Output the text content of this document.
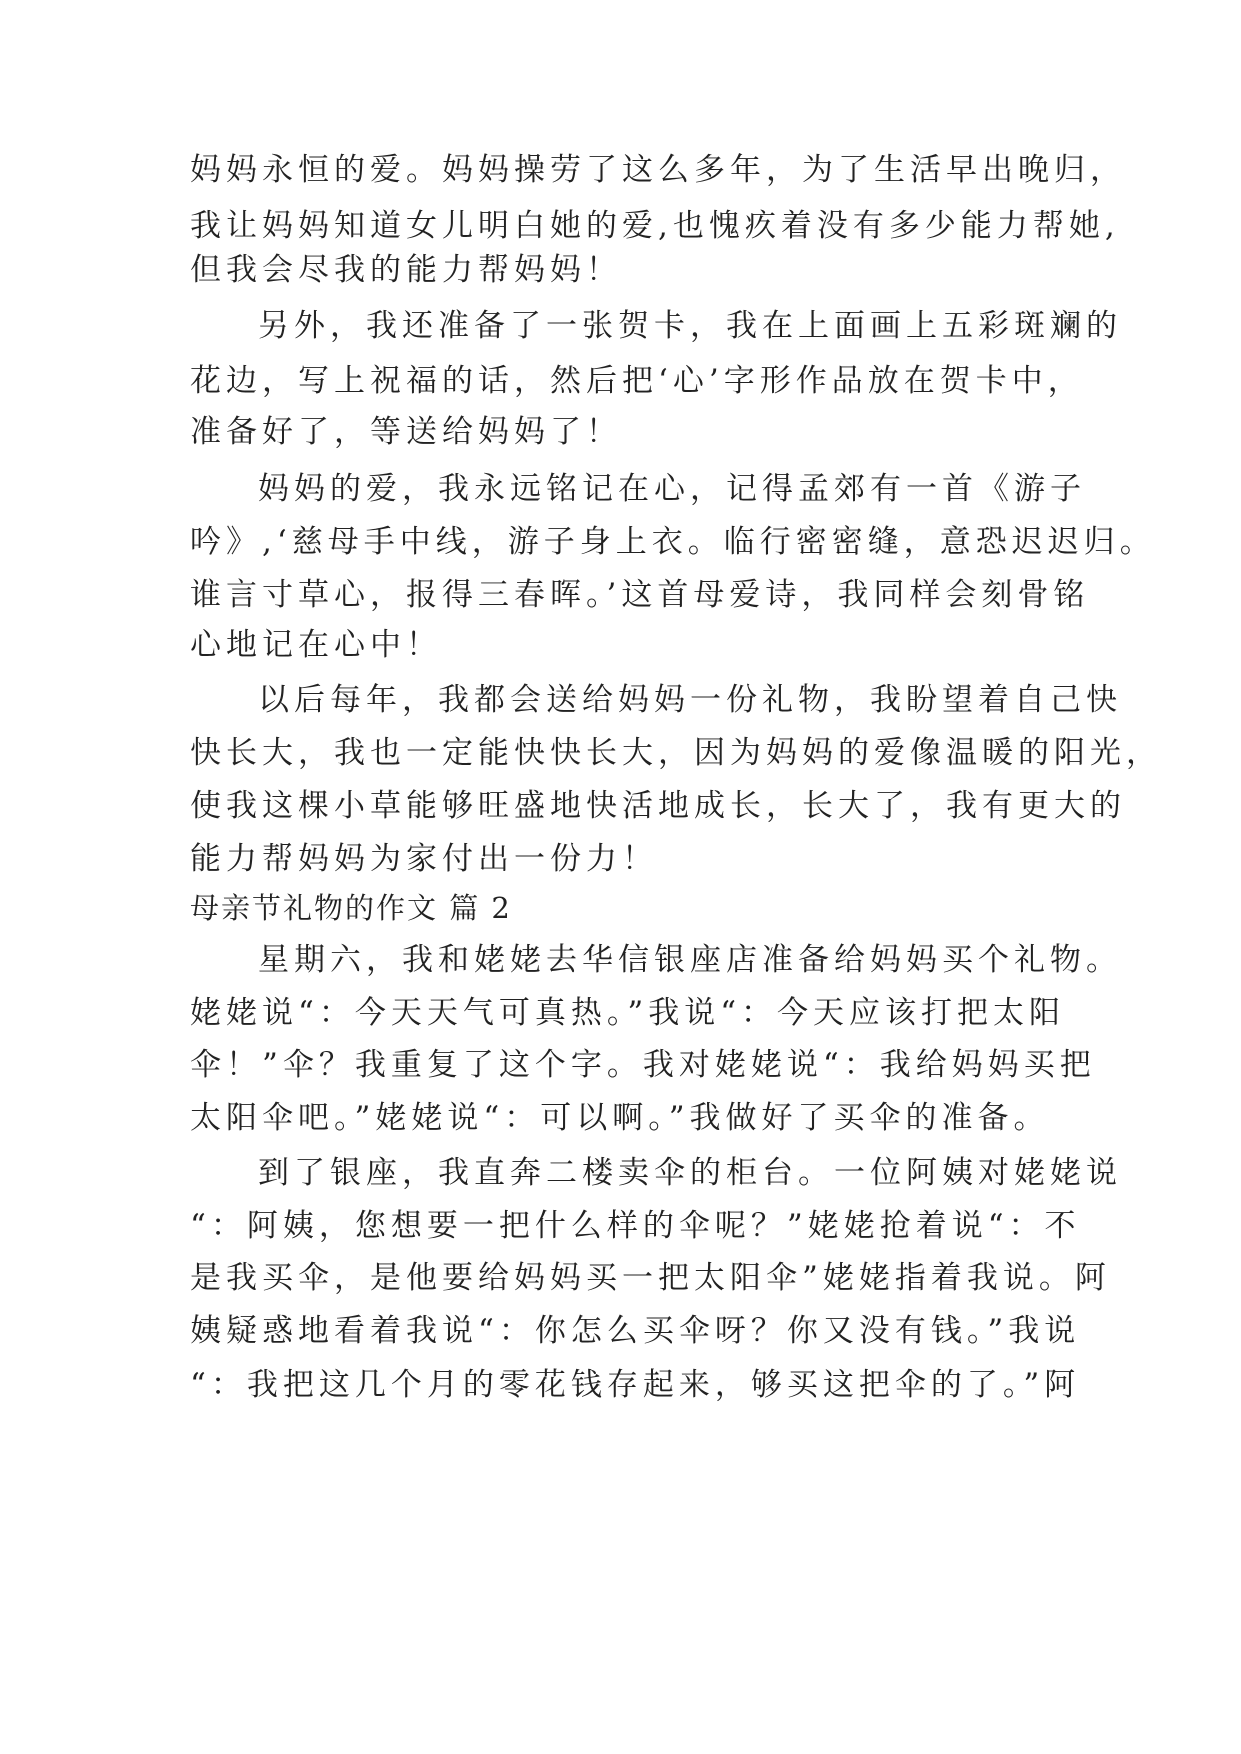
妈妈永恒的爱。妈妈操劳了这么多年，为了生活早出晚归，

我让妈妈知道女儿明白她的爱,也愧疚着没有多少能力帮她,

但我会尽我的能力帮妈妈！

另外，我还准备了一张贺卡，我在上面画上五彩斑斓的

花边，写上祝福的话，然后把‘心’字形作品放在贺卡中，

准备好了，等送给妈妈了！

妈妈的爱，我永远铭记在心，记得孟郊有一首《游子

吟》,‘慈母手中线，游子身上衣。临行密密缝，意恐迟迟归。

谁言寸草心，报得三春晖。’这首母爱诗，我同样会刻骨铭

心地记在心中！

以后每年，我都会送给妈妈一份礼物，我盼望着自己快

快长大，我也一定能快快长大，因为妈妈的爱像温暖的阳光，

使我这棵小草能够旺盛地快活地成长，长大了，我有更大的

能力帮妈妈为家付出一份力！

母亲节礼物的作文 篇 2

星期六，我和姥姥去华信银座店准备给妈妈买个礼物。

姥姥说“：今天天气可真热。”我说“：今天应该打把太阳

伞！”伞？我重复了这个字。我对姥姥说“：我给妈妈买把

太阳伞吧。”姥姥说“：可以啊。”我做好了买伞的准备。

到了银座，我直奔二楼卖伞的柜台。一位阿姨对姥姥说

“：阿姨，您想要一把什么样的伞呢？”姥姥抢着说“：不

是我买伞，是他要给妈妈买一把太阳伞”姥姥指着我说。阿

姨疑惑地看着我说“：你怎么买伞呀？你又没有钱。”我说

“：我把这几个月的零花钱存起来，够买这把伞的了。”阿
